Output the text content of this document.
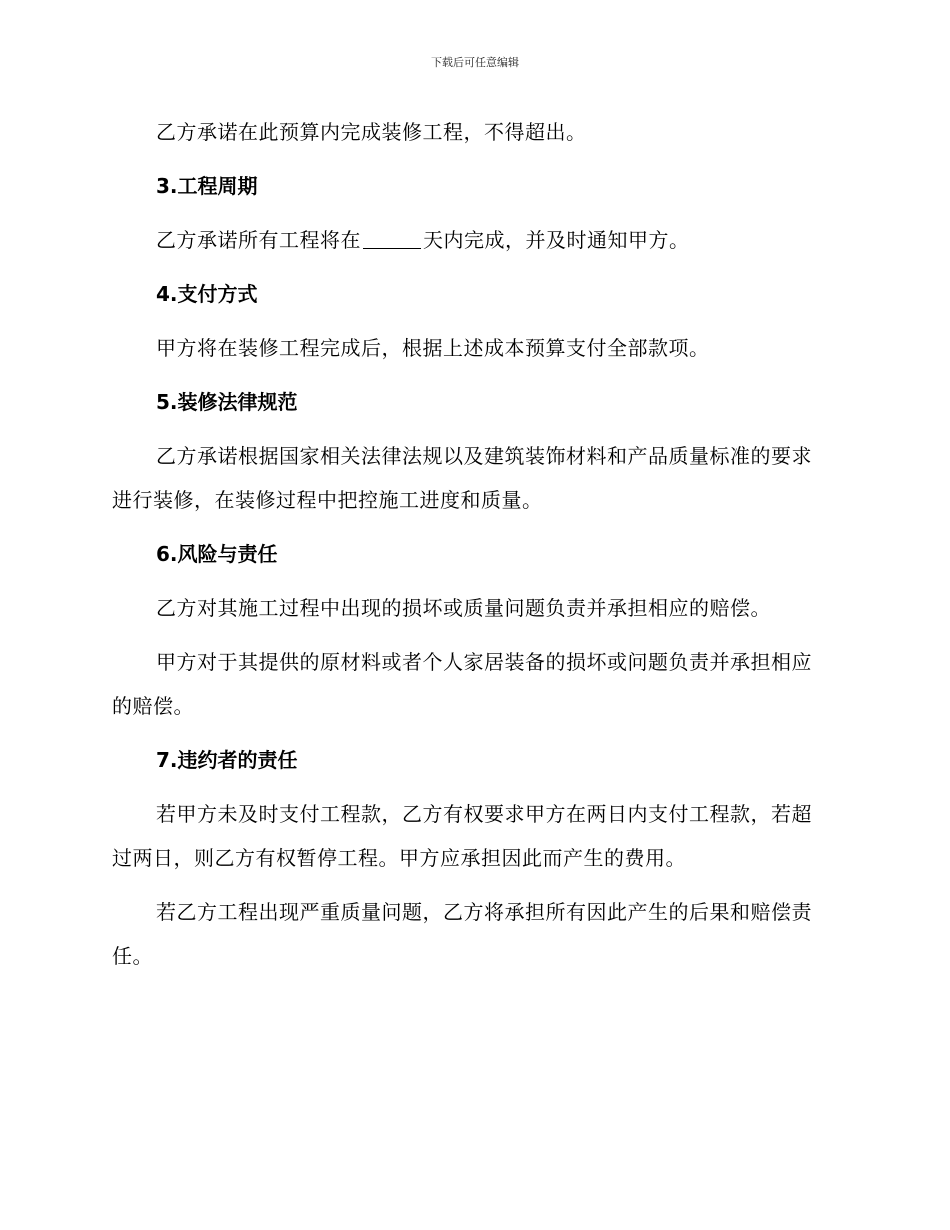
下载后可任意编辑

乙方承诺在此预算内完成装修工程，不得超出。

3.工程周期

乙方承诺所有工程将在	天内完成，并及时通知甲方。

4.支付方式

甲方将在装修工程完成后，根据上述成本预算支付全部款项。

5.装修法律规范

乙方承诺根据国家相关法律法规以及建筑装饰材料和产品质量标准的要求进行装修，在装修过程中把控施工进度和质量。

6.风险与责任

乙方对其施工过程中出现的损坏或质量问题负责并承担相应的赔偿。

甲方对于其提供的原材料或者个人家居装备的损坏或问题负责并承担相应的赔偿。

7.违约者的责任

若甲方未及时支付工程款，乙方有权要求甲方在两日内支付工程款，若超过两日，则乙方有权暂停工程。甲方应承担因此而产生的费用。

若乙方工程出现严重质量问题，乙方将承担所有因此产生的后果和赔偿责任。
